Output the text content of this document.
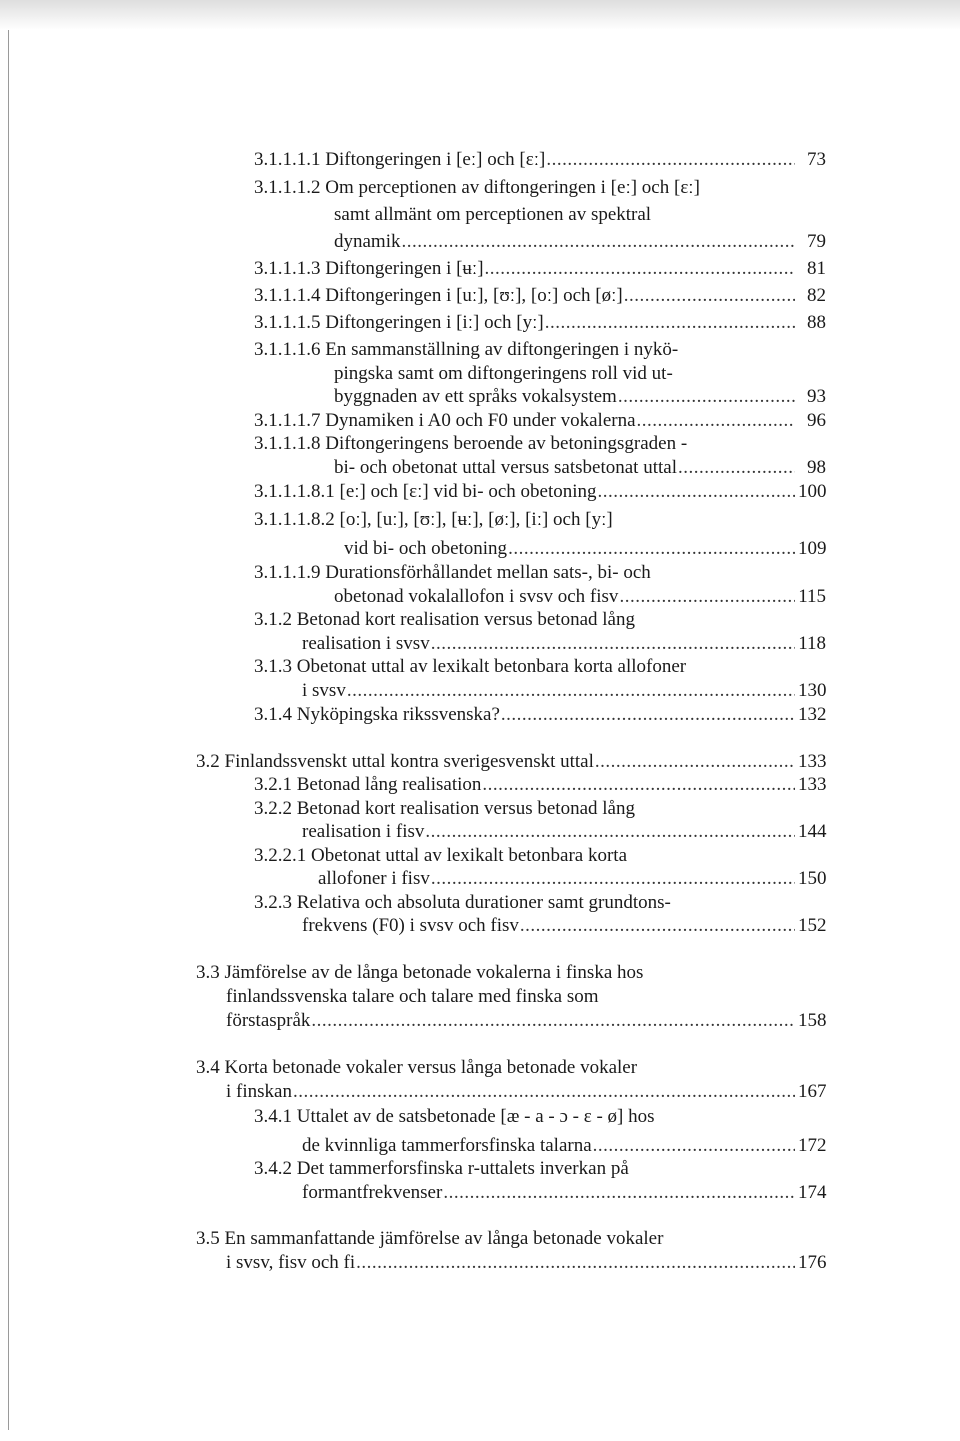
3.1.1.1.1 Diftongeringen i [eː] och [ɛː] .....	73
3.1.1.1.2 Om perceptionen av diftongeringen i [eː] och [ɛː]
samt allmänt om perceptionen av spektral
dynamik .....	79
3.1.1.1.3 Diftongeringen i [ʉː] .....	81
3.1.1.1.4 Diftongeringen i [uː], [ʊː], [oː] och [øː] .....	82
3.1.1.1.5 Diftongeringen i [iː] och [yː] .....	88
3.1.1.1.6 En sammanställning av diftongeringen i nykö-
pingska samt om diftongeringens roll vid ut-
byggnaden av ett språks vokalsystem .....	93
3.1.1.1.7 Dynamiken i A0 och F0 under vokalerna .....	96
3.1.1.1.8 Diftongeringens beroende av betoningsgraden -
bi- och obetonat uttal versus satsbetonat uttal .....	98
3.1.1.1.8.1 [eː] och [ɛː] vid bi- och obetoning .....	100
3.1.1.1.8.2 [oː], [uː], [ʊː], [ʉː], [øː], [iː] och [yː]
vid bi- och obetoning .....	109
3.1.1.1.9 Durationsförhållandet mellan sats-, bi- och
obetonad vokalallofon i svsv och fisv .....	115
3.1.2 Betonad kort realisation versus betonad lång
realisation i svsv .....	118
3.1.3 Obetonat uttal av lexikalt betonbara korta allofoner
i svsv .....	130
3.1.4 Nyköpingska rikssvenska? .....	132
3.2 Finlandssvenskt uttal kontra sverigesvenskt uttal .....	133
3.2.1 Betonad lång realisation .....	133
3.2.2 Betonad kort realisation versus betonad lång
realisation i fisv .....	144
3.2.2.1 Obetonat uttal av lexikalt betonbara korta
allofoner i fisv .....	150
3.2.3 Relativa och absoluta durationer samt grundtons-
frekvens (F0) i svsv och fisv .....	152
3.3 Jämförelse av de långa betonade vokalerna i finska hos
finlandssvenska talare och talare med finska som
förstaspråk .....	158
3.4 Korta betonade vokaler versus långa betonade vokaler
i finskan .....	167
3.4.1 Uttalet av de satsbetonade [æ - a - ɔ - ɛ - ø] hos
de kvinnliga tammerforsfinska talarna .....	172
3.4.2 Det tammerforsfinska r-uttalets inverkan på
formantfrekvenser .....	174
3.5 En sammanfattande jämförelse av långa betonade vokaler
i svsv, fisv och fi .....	176
